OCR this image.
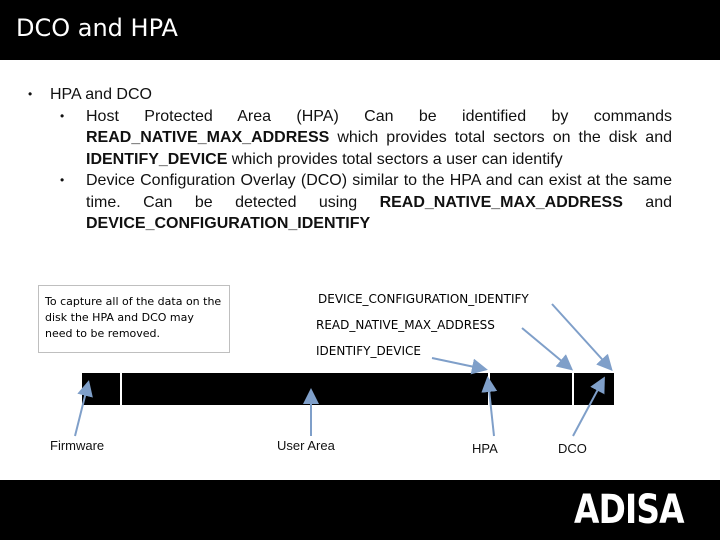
DCO and HPA
• HPA and DCO
• Host Protected Area (HPA) Can be identified by commands READ_NATIVE_MAX_ADDRESS which provides total sectors on the disk and IDENTIFY_DEVICE which provides total sectors a user can identify
• Device Configuration Overlay (DCO) similar to the HPA and can exist at the same time. Can be detected using READ_NATIVE_MAX_ADDRESS and DEVICE_CONFIGURATION_IDENTIFY
To capture all of the data on the disk the HPA and DCO may need to be removed.
DEVICE_CONFIGURATION_IDENTIFY
READ_NATIVE_MAX_ADDRESS
IDENTIFY_DEVICE
Firmware	User Area	HPA	DCO
ADISA
